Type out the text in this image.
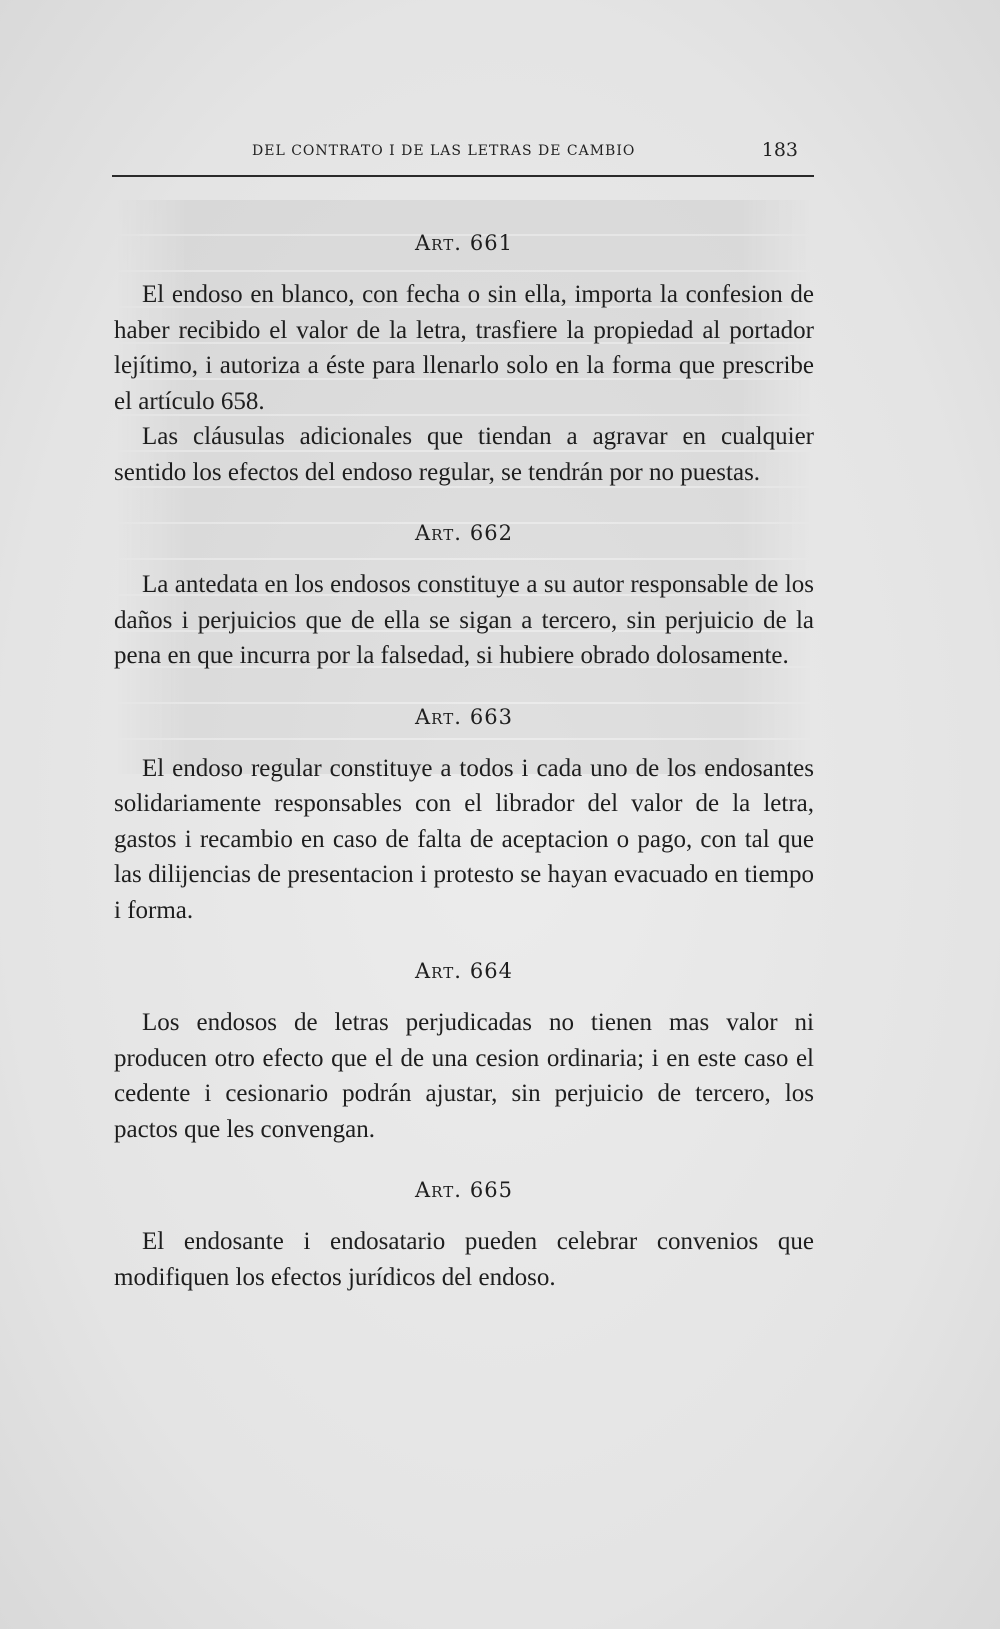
DEL CONTRATO I DE LAS LETRAS DE CAMBIO	183
Art. 661

El endoso en blanco, con fecha o sin ella, importa la confesion de haber recibido el valor de la letra, trasfiere la propiedad al portador lejítimo, i autoriza a éste para llenarlo solo en la forma que prescribe el artículo 658.

Las cláusulas adicionales que tiendan a agravar en cualquier sentido los efectos del endoso regular, se tendrán por no puestas.

Art. 662

La antedata en los endosos constituye a su autor responsable de los daños i perjuicios que de ella se sigan a tercero, sin perjuicio de la pena en que incurra por la falsedad, si hubiere obrado dolosamente.

Art. 663

El endoso regular constituye a todos i cada uno de los endosantes solidariamente responsables con el librador del valor de la letra, gastos i recambio en caso de falta de aceptacion o pago, con tal que las dilijencias de presentacion i protesto se hayan evacuado en tiempo i forma.

Art. 664

Los endosos de letras perjudicadas no tienen mas valor ni producen otro efecto que el de una cesion ordinaria; i en este caso el cedente i cesionario podrán ajustar, sin perjuicio de tercero, los pactos que les convengan.

Art. 665

El endosante i endosatario pueden celebrar convenios que modifiquen los efectos jurídicos del endoso.
